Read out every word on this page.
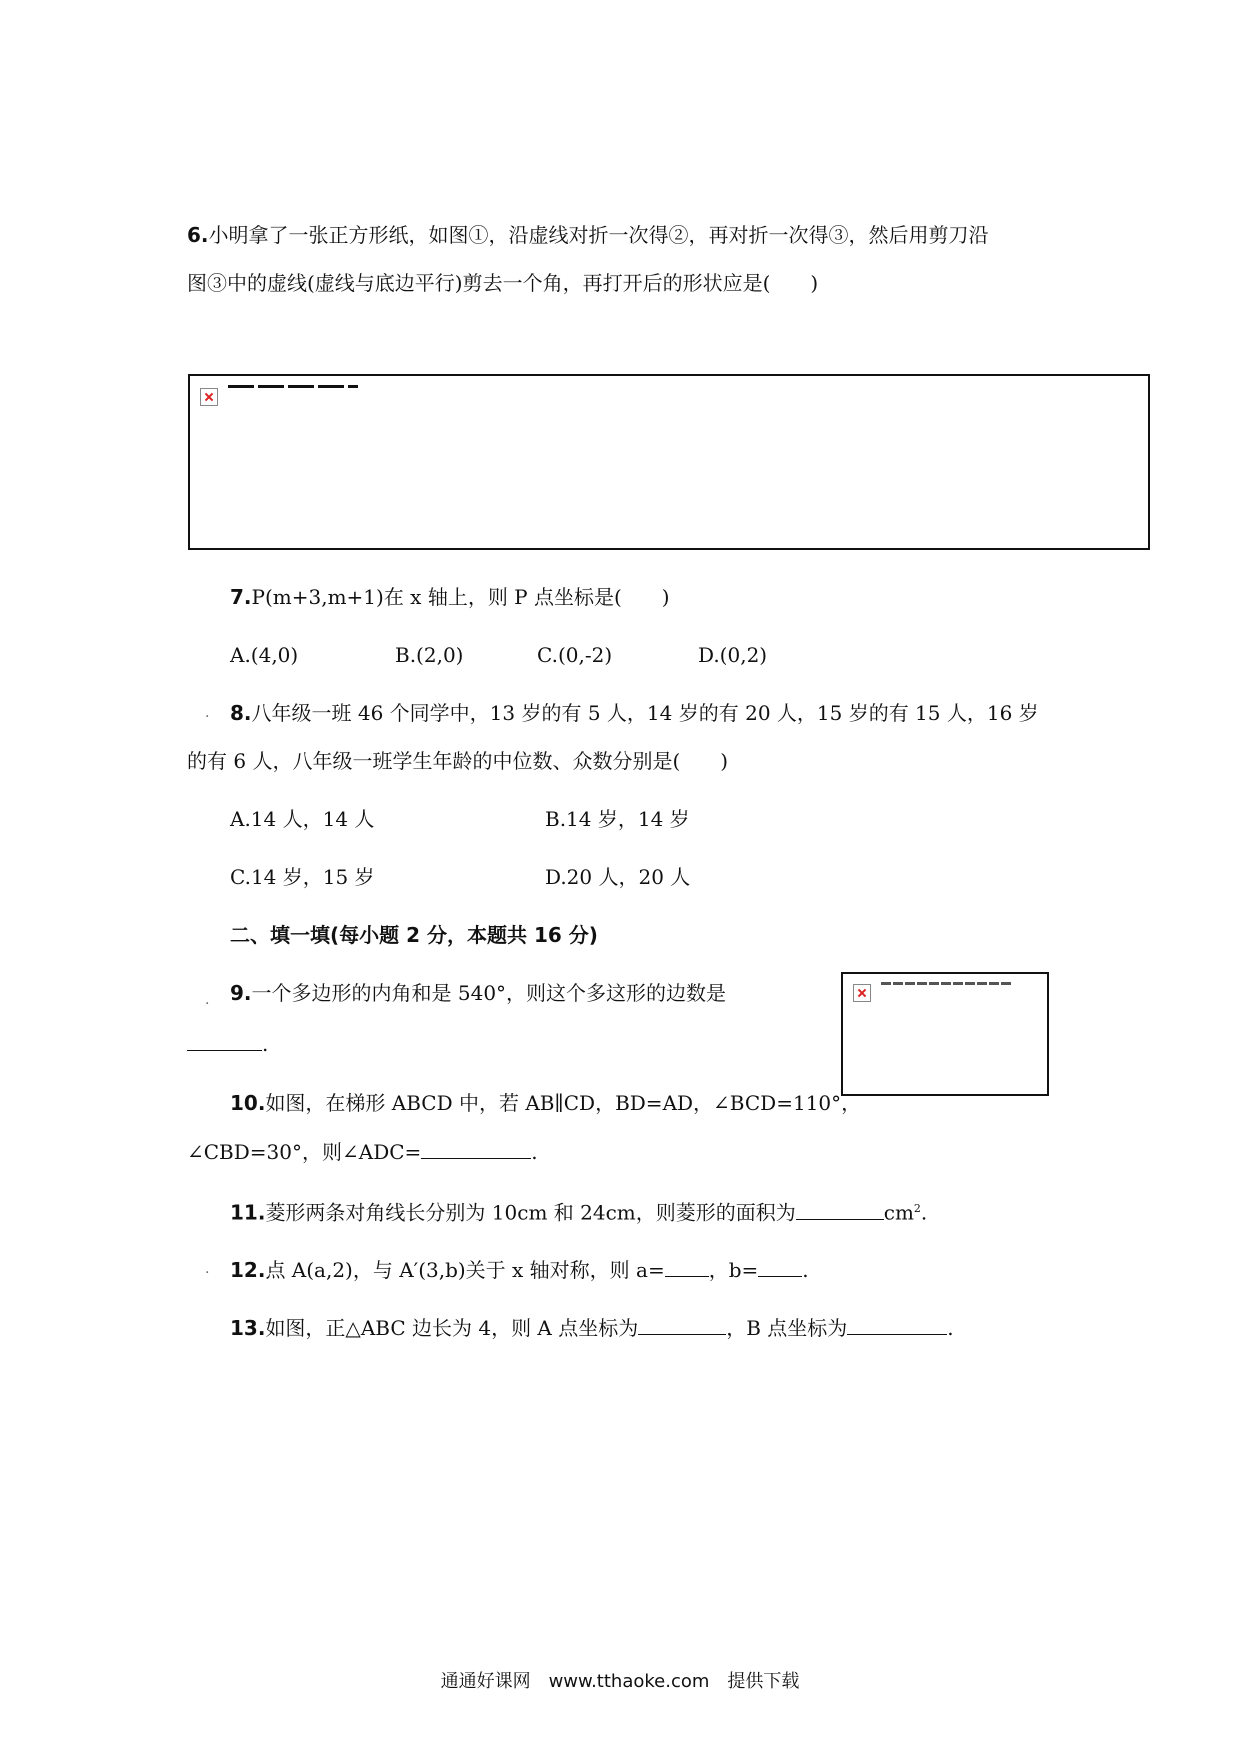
6.小明拿了一张正方形纸，如图①，沿虚线对折一次得②，再对折一次得③，然后用剪刀沿
图③中的虚线(虚线与底边平行)剪去一个角，再打开后的形状应是(　　)
7.P(m+3,m+1)在 x 轴上，则 P 点坐标是(　　)
A.(4,0)	B.(2,0)	C.(0,-2)	D.(0,2)
. 8.八年级一班 46 个同学中，13 岁的有 5 人，14 岁的有 20 人，15 岁的有 15 人，16 岁
的有 6 人，八年级一班学生年龄的中位数、众数分别是(　　)
A.14 人，14 人	B.14 岁，14 岁
C.14 岁，15 岁	D.20 人，20 人
二、填一填(每小题 2 分，本题共 16 分)
. 9.一个多边形的内角和是 540°，则这个多这形的边数是
.
10.如图，在梯形 ABCD 中，若 AB∥CD，BD=AD，∠BCD=110°，
∠CBD=30°，则∠ADC=	.
11.菱形两条对角线长分别为 10cm 和 24cm，则菱形的面积为	$cm^2$.
. 12.点 A(a,2)，与 A′(3,b)关于 x 轴对称，则 a= ，b= .
13.如图，正△ABC 边长为 4，则 A 点坐标为	，B 点坐标为	.
通通好课网　www.tthaoke.com　提供下载
